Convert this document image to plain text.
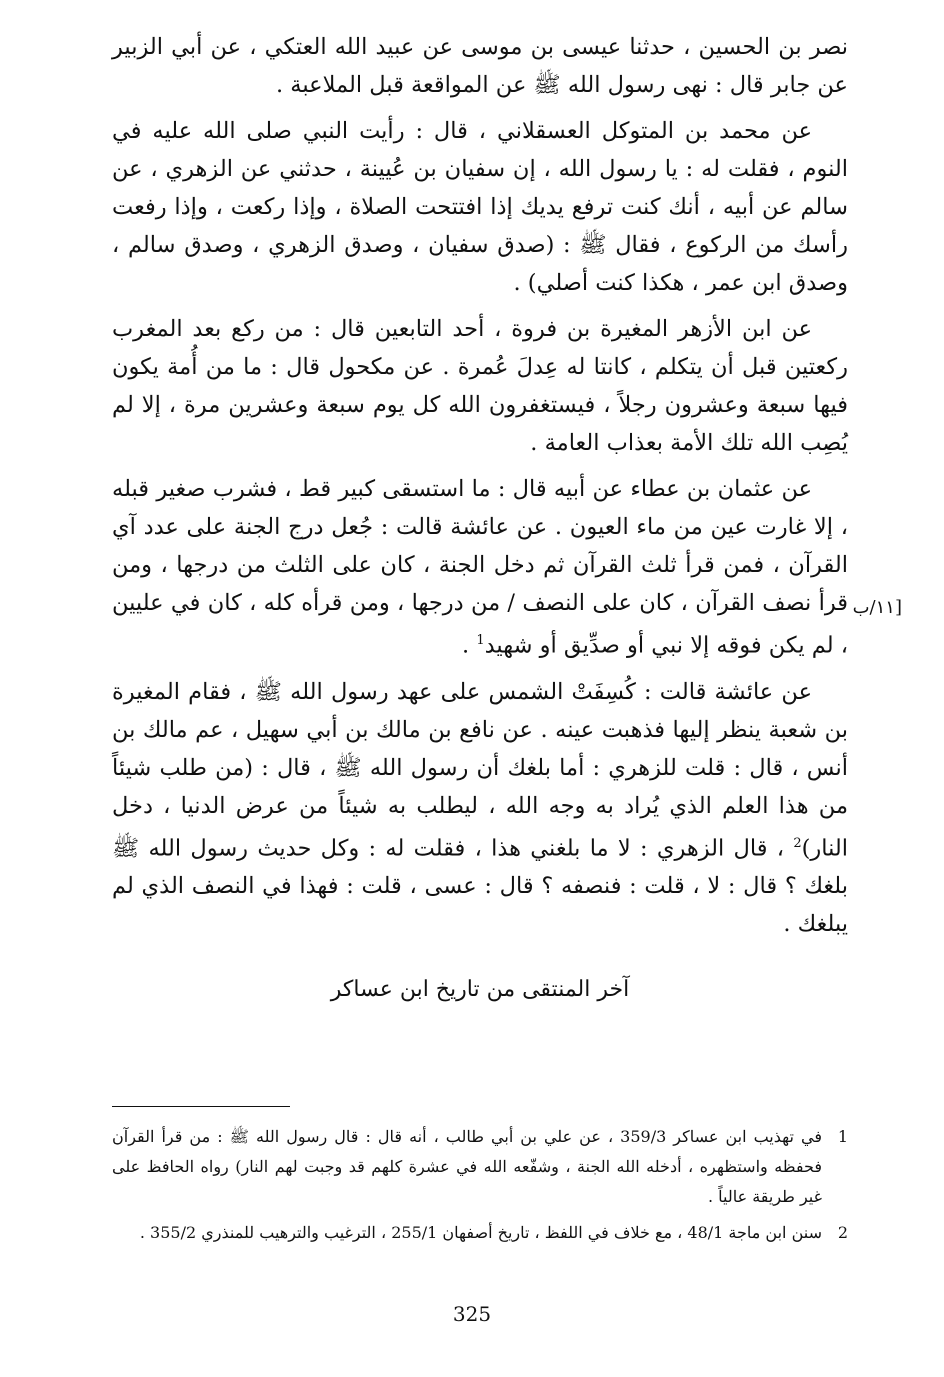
نصر بن الحسين ، حدثنا عيسى بن موسى عن عبيد الله العتكي ، عن أبي الزبير عن جابر قال : نهى رسول الله ﷺ عن المواقعة قبل الملاعبة .

عن محمد بن المتوكل العسقلاني ، قال : رأيت النبي صلى الله عليه في النوم ، فقلت له : يا رسول الله ، إن سفيان بن عُيينة ، حدثني عن الزهري ، عن سالم عن أبيه ، أنك كنت ترفع يديك إذا افتتحت الصلاة ، وإذا ركعت ، وإذا رفعت رأسك من الركوع ، فقال ﷺ : (صدق سفيان ، وصدق الزهري ، وصدق سالم ، وصدق ابن عمر ، هكذا كنت أصلي) .

عن ابن الأزهر المغيرة بن فروة ، أحد التابعين قال : من ركع بعد المغرب ركعتين قبل أن يتكلم ، كانتا له عِدلَ عُمرة . عن مكحول قال : ما من أُمة يكون فيها سبعة وعشرون رجلاً ، فيستغفرون الله كل يوم سبعة وعشرين مرة ، إلا لم يُصِب الله تلك الأمة بعذاب العامة .

عن عثمان بن عطاء عن أبيه قال : ما استسقى كبير قط ، فشرب صغير قبله ، إلا غارت عين من ماء العيون . عن عائشة قالت : جُعل درج الجنة على عدد آي القرآن ، فمن قرأ ثلث القرآن ثم دخل الجنة ، كان على الثلث من درجها ، ومن قرأ نصف القرآن ، ١١/ب]
كان على النصف / من درجها ، ومن قرأه كله ، كان في عليين ، لم يكن فوقه إلا نبي أو صدِّيق أو شهيد$^1$ .

عن عائشة قالت : كُسِفَتْ الشمس على عهد رسول الله ﷺ ، فقام المغيرة بن شعبة ينظر إليها فذهبت عينه . عن نافع بن مالك بن أبي سهيل ، عم مالك بن أنس ، قال : قلت للزهري : أما بلغك أن رسول الله ﷺ ، قال : (من طلب شيئاً من هذا العلم الذي يُراد به وجه الله ، ليطلب به شيئاً من عرض الدنيا ، دخل النار)$^2$ ، قال الزهري : لا ما بلغني هذا ، فقلت له : وكل حديث رسول الله ﷺ بلغك ؟ قال : لا ، قلت : فنصفه ؟ قال : عسى ، قلت : فهذا في النصف الذي لم يبلغك .

آخر المنتقى من تاريخ ابن عساكر
1
في تهذيب ابن عساكر 359/3 ، عن علي بن أبي طالب ، أنه قال : قال رسول الله ﷺ : من قرأ القرآن فحفظه واستظهره ، أدخله الله الجنة ، وشفّعه الله في عشرة كلهم قد وجبت لهم النار) رواه الحافظ على غير طريقة عالياً .
2
سنن ابن ماجة 48/1 ، مع خلاف في اللفظ ، تاريخ أصفهان 255/1 ، الترغيب والترهيب للمنذري 355/2 .
325
